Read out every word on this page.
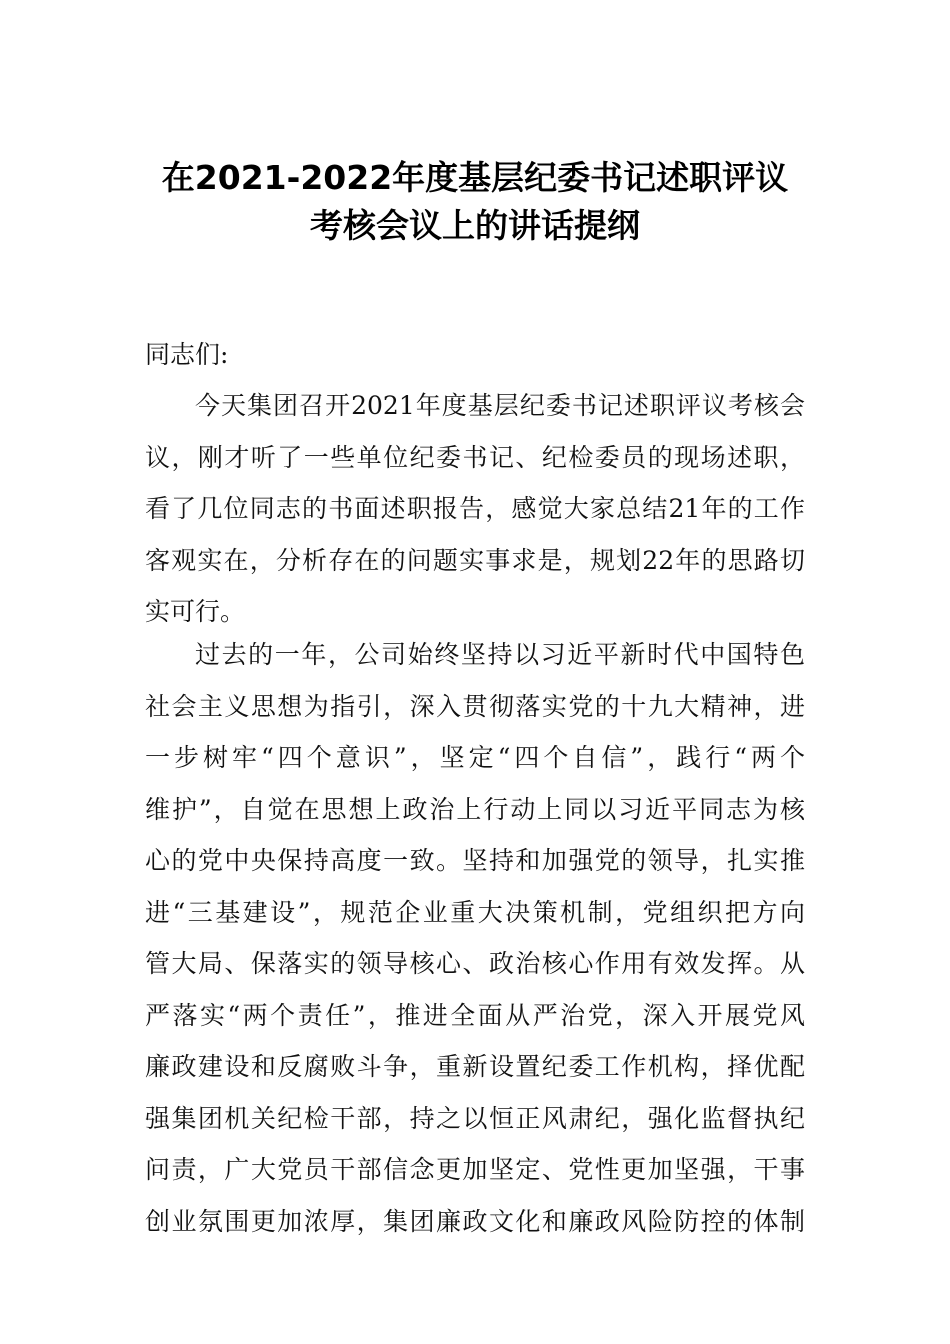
在2021-2022年度基层纪委书记述职评议
考核会议上的讲话提纲
同志们:
今天集团召开2021年度基层纪委书记述职评议考核会
议，刚才听了一些单位纪委书记、纪检委员的现场述职，
看了几位同志的书面述职报告，感觉大家总结21年的工作
客观实在，分析存在的问题实事求是，规划22年的思路切
实可行。
过去的一年，公司始终坚持以习近平新时代中国特色
社会主义思想为指引，深入贯彻落实党的十九大精神，进
一步树牢“四个意识”，坚定“四个自信”，践行“两个
维护”，自觉在思想上政治上行动上同以习近平同志为核
心的党中央保持高度一致。坚持和加强党的领导，扎实推
进“三基建设”，规范企业重大决策机制，党组织把方向
管大局、保落实的领导核心、政治核心作用有效发挥。从
严落实“两个责任”，推进全面从严治党，深入开展党风
廉政建设和反腐败斗争，重新设置纪委工作机构，择优配
强集团机关纪检干部，持之以恒正风肃纪，强化监督执纪
问责，广大党员干部信念更加坚定、党性更加坚强，干事
创业氛围更加浓厚，集团廉政文化和廉政风险防控的体制
